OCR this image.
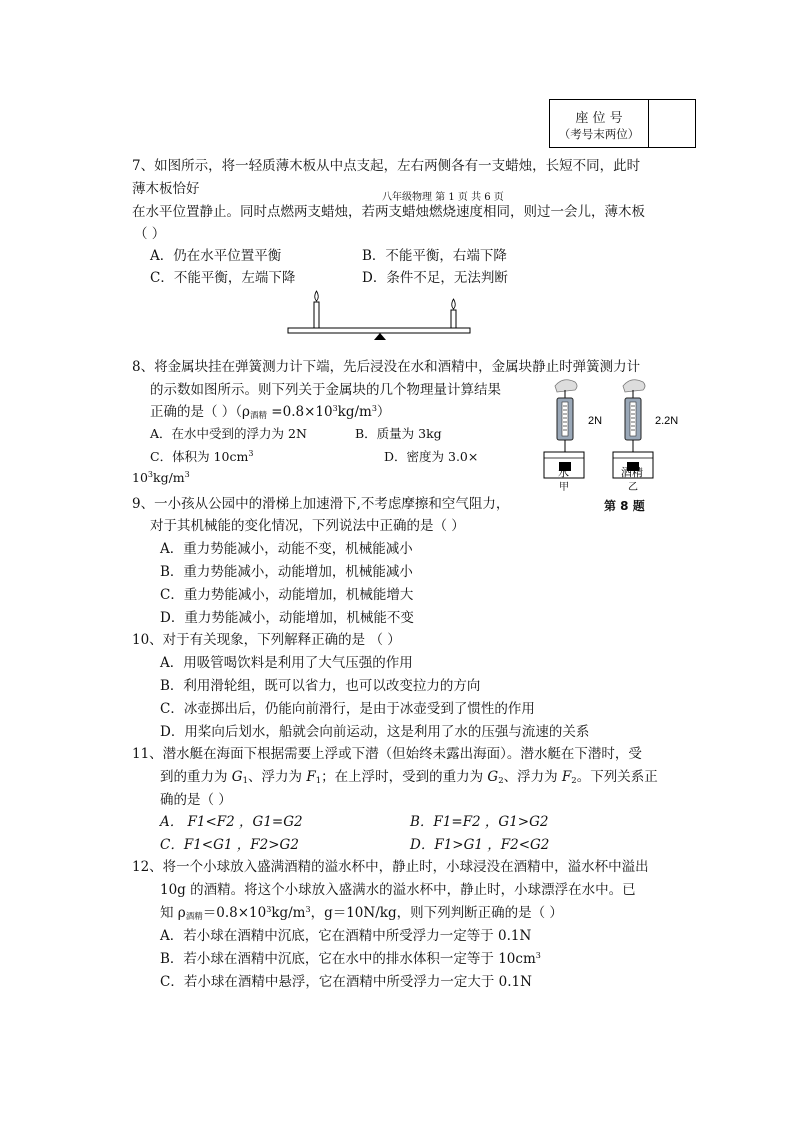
座 位 号
（考号末两位）
7、如图所示，将一轻质薄木板从中点支起，左右两侧各有一支蜡烛，长短不同，此时
薄木板恰好
八年级物理 第 1 页 共 6 页
在水平位置静止。同时点燃两支蜡烛，若两支蜡烛燃烧速度相同，则过一会儿，薄木板
（ ）
A．仍在水平位置平衡	B．不能平衡，右端下降
C．不能平衡，左端下降	D．条件不足，无法判断
8、将金属块挂在弹簧测力计下端，先后浸没在水和酒精中，金属块静止时弹簧测力计
的示数如图所示。则下列关于金属块的几个物理量计算结果
正确的是（ ）$(\rho_{酒精} =0.8\times 10^3kg/m^3)$
A．在水中受到的浮力为 2N	B．质量为 3kg
C．体积为 $10cm^3$	D．密度为 3.0×
$10^3kg/m^3$
2N	2.2N
水
甲
酒精
乙
第 8 题
9、一小孩从公园中的滑梯上加速滑下,不考虑摩擦和空气阻力，
对于其机械能的变化情况，下列说法中正确的是（ ）
A．重力势能减小，动能不变，机械能减小
B．重力势能减小，动能增加，机械能减小
C．重力势能减小，动能增加，机械能增大
D．重力势能减小，动能增加，机械能不变
10、对于有关现象，下列解释正确的是 （ ）
A．用吸管喝饮料是利用了大气压强的作用
B．利用滑轮组，既可以省力，也可以改变拉力的方向
C．冰壶掷出后，仍能向前滑行，是由于冰壶受到了惯性的作用
D．用桨向后划水，船就会向前运动，这是利用了水的压强与流速的关系
11、潜水艇在海面下根据需要上浮或下潜（但始终未露出海面）。潜水艇在下潜时，受
到的重力为 $G_1$、浮力为 $F_1$；在上浮时，受到的重力为 $G_2$、浮力为 $F_2$。下列关系正
确的是（ ）
A． F1<F2 ，G1=G2	B．F1=F2 ，G1>G2
C．F1<G1 ，F2>G2	D．F1>G1 ，F2<G2
12、将一个小球放入盛满酒精的溢水杯中，静止时，小球浸没在酒精中，溢水杯中溢出
10g 的酒精。将这个小球放入盛满水的溢水杯中，静止时，小球漂浮在水中。已
知 $\rho_{酒精}=0.8\times 10^3kg/m^3$，g＝10N/kg，则下列判断正确的是（ ）
A．若小球在酒精中沉底，它在酒精中所受浮力一定等于 0.1N
B．若小球在酒精中沉底，它在水中的排水体积一定等于 $10cm^3$
C．若小球在酒精中悬浮，它在酒精中所受浮力一定大于 0.1N
